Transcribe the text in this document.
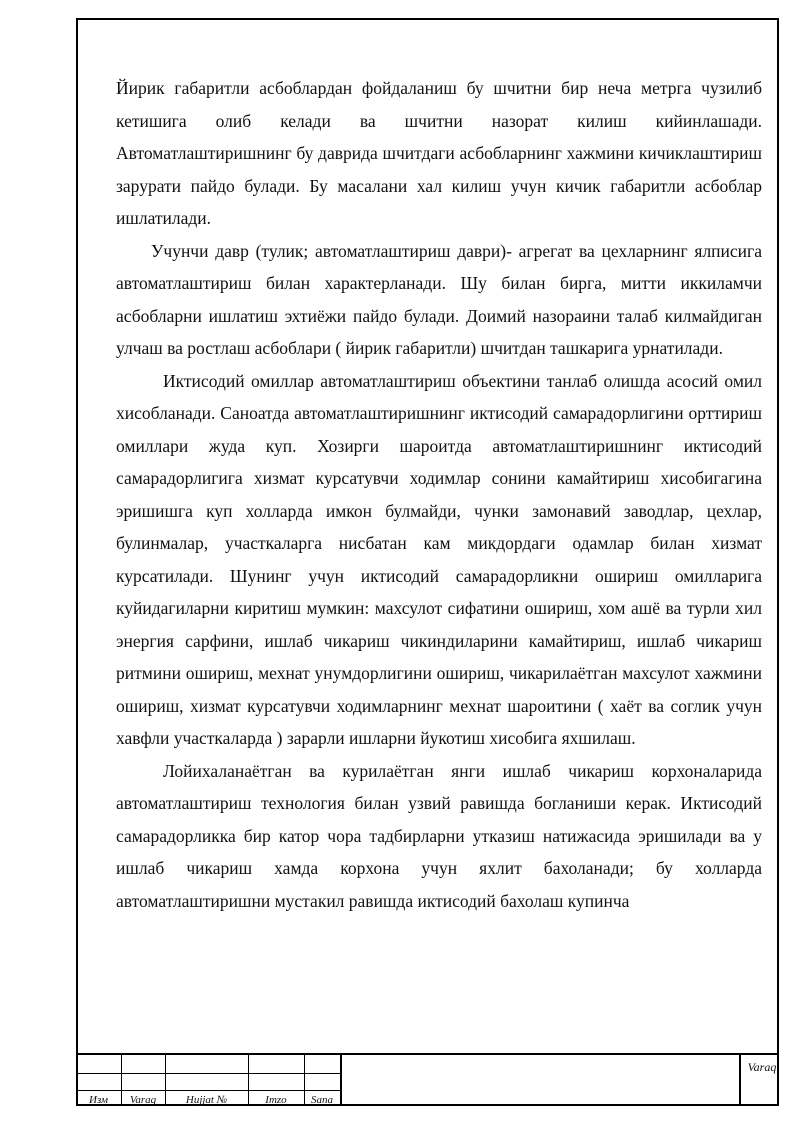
Йирик габаритли асбоблардан фойдаланиш бу шчитни бир неча метрга чузилиб кетишига олиб келади ва шчитни назорат килиш кийинлашади. Автоматлаштиришнинг бу даврида шчитдаги асбобларнинг хажмини кичиклаштириш зарурати пайдо булади. Бу масалани хал килиш учун кичик габаритли асбоблар ишлатилади.

Учунчи давр (тулик; автоматлаштириш даври)- агрегат ва цехларнинг ялписига автоматлаштириш билан характерланади. Шу билан бирга, митти иккиламчи асбобларни ишлатиш эхтиёжи пайдо булади. Доимий назораини талаб килмайдиган улчаш ва ростлаш асбоблари ( йирик габаритли) шчитдан ташкарига урнатилади.

Иктисодий омиллар автоматлаштириш объектини танлаб олишда асосий омил хисобланади. Саноатда автоматлаштиришнинг иктисодий самарадорлигини орттириш омиллари жуда куп. Хозирги шароитда автоматлаштиришнинг иктисодий самарадорлигига хизмат курсатувчи ходимлар сонини камайтириш хисобигагина эришишга куп холларда имкон булмайди, чунки замонавий заводлар, цехлар, булинмалар, участкаларга нисбатан кам микдордаги одамлар билан хизмат курсатилади. Шунинг учун иктисодий самарадорликни ошириш омилларига куйидагиларни киритиш мумкин: махсулот сифатини ошириш, хом ашё ва турли хил энергия сарфини, ишлаб чикариш чикиндиларини камайтириш, ишлаб чикариш ритмини ошириш, мехнат унумдорлигини ошириш, чикарилаётган махсулот хажмини ошириш, хизмат курсатувчи ходимларнинг мехнат шароитини ( хаёт ва соглик учун хавфли участкаларда ) зарарли ишларни йукотиш хисобига яхшилаш.

Лойихаланаётган ва курилаётган янги ишлаб чикариш корхоналарида автоматлаштириш технология билан узвий равишда богланиши керак. Иктисодий самарадорликка бир катор чора тадбирларни утказиш натижасида эришилади ва у ишлаб чикариш хамда корхона учун яхлит бахоланади; бу холларда автоматлаштиришни мустакил равишда иктисодий бахолаш купинча

Изм	Varaq	Hujjat №	Imzo	Sana
Varaq
